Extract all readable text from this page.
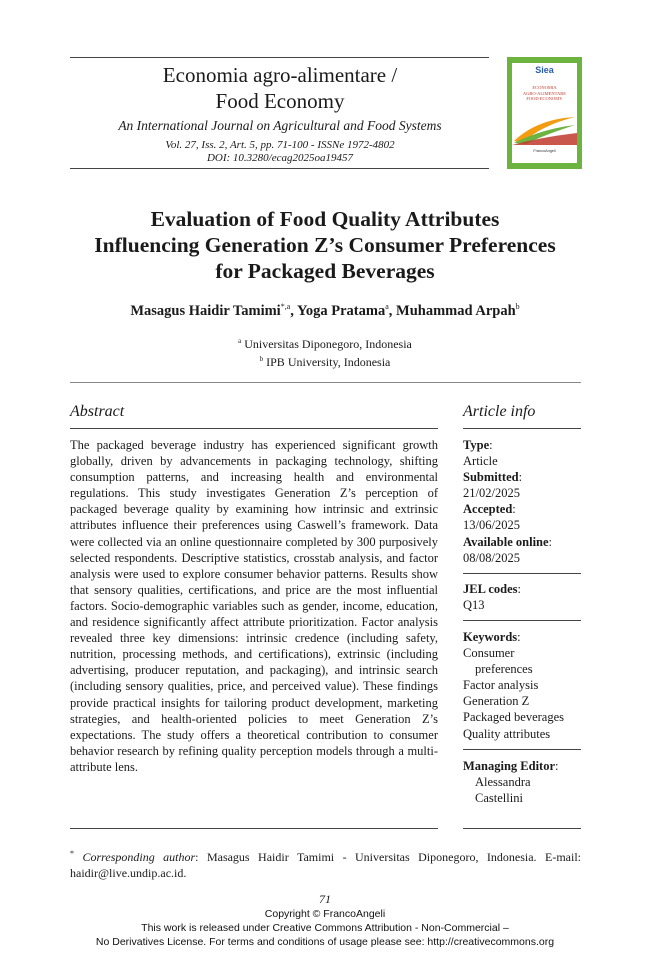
Economia agro-alimentare /
Food Economy
An International Journal on Agricultural and Food Systems
Vol. 27, Iss. 2, Art. 5, pp. 71-100 - ISSNe 1972-4802
DOI: 10.3280/ecag2025oa19457
Siea
ECONOMIA
AGRO-ALIMENTARE
FOOD ECONOMY
FrancoAngeli
Evaluation of Food Quality Attributes
Influencing Generation Z’s Consumer Preferences
for Packaged Beverages
Masagus Haidir Tamimi$^{*,a}$, Yoga Pratama$^a$, Muhammad Arpah$^b$
$^a$ Universitas Diponegoro, Indonesia
$^b$ IPB University, Indonesia
Abstract
The packaged beverage industry has experienced significant growth globally, driven by advancements in packaging technology, shifting consumption patterns, and increasing health and environmental regulations. This study investigates Generation Z’s perception of packaged beverage quality by examining how intrinsic and extrinsic attributes influence their preferences using Caswell’s framework. Data were collected via an online questionnaire completed by 300 purposively selected respondents. Descriptive statistics, crosstab analysis, and factor analysis were used to explore consumer behavior patterns. Results show that sensory qualities, certifications, and price are the most influential factors. Socio-demographic variables such as gender, income, education, and residence significantly affect attribute prioritization. Factor analysis revealed three key dimensions: intrinsic credence (including safety, nutrition, processing methods, and certifications), extrinsic (including advertising, producer reputation, and packaging), and intrinsic search (including sensory qualities, price, and perceived value). These findings provide practical insights for tailoring product development, marketing strategies, and health-oriented policies to meet Generation Z’s expectations. The study offers a theoretical contribution to consumer behavior research by refining quality perception models through a multi-attribute lens.
Article info
Type:
Article
Submitted:
21/02/2025
Accepted:
13/06/2025
Available online:
08/08/2025
JEL codes:
Q13
Keywords:
Consumer
preferences
Factor analysis
Generation Z
Packaged beverages
Quality attributes
Managing Editor:
Alessandra
Castellini
* Corresponding author: Masagus Haidir Tamimi - Universitas Diponegoro, Indonesia. E-mail: haidir@live.undip.ac.id.
71
Copyright © FrancoAngeli
This work is released under Creative Commons Attribution - Non-Commercial –
No Derivatives License. For terms and conditions of usage please see: http://creativecommons.org
